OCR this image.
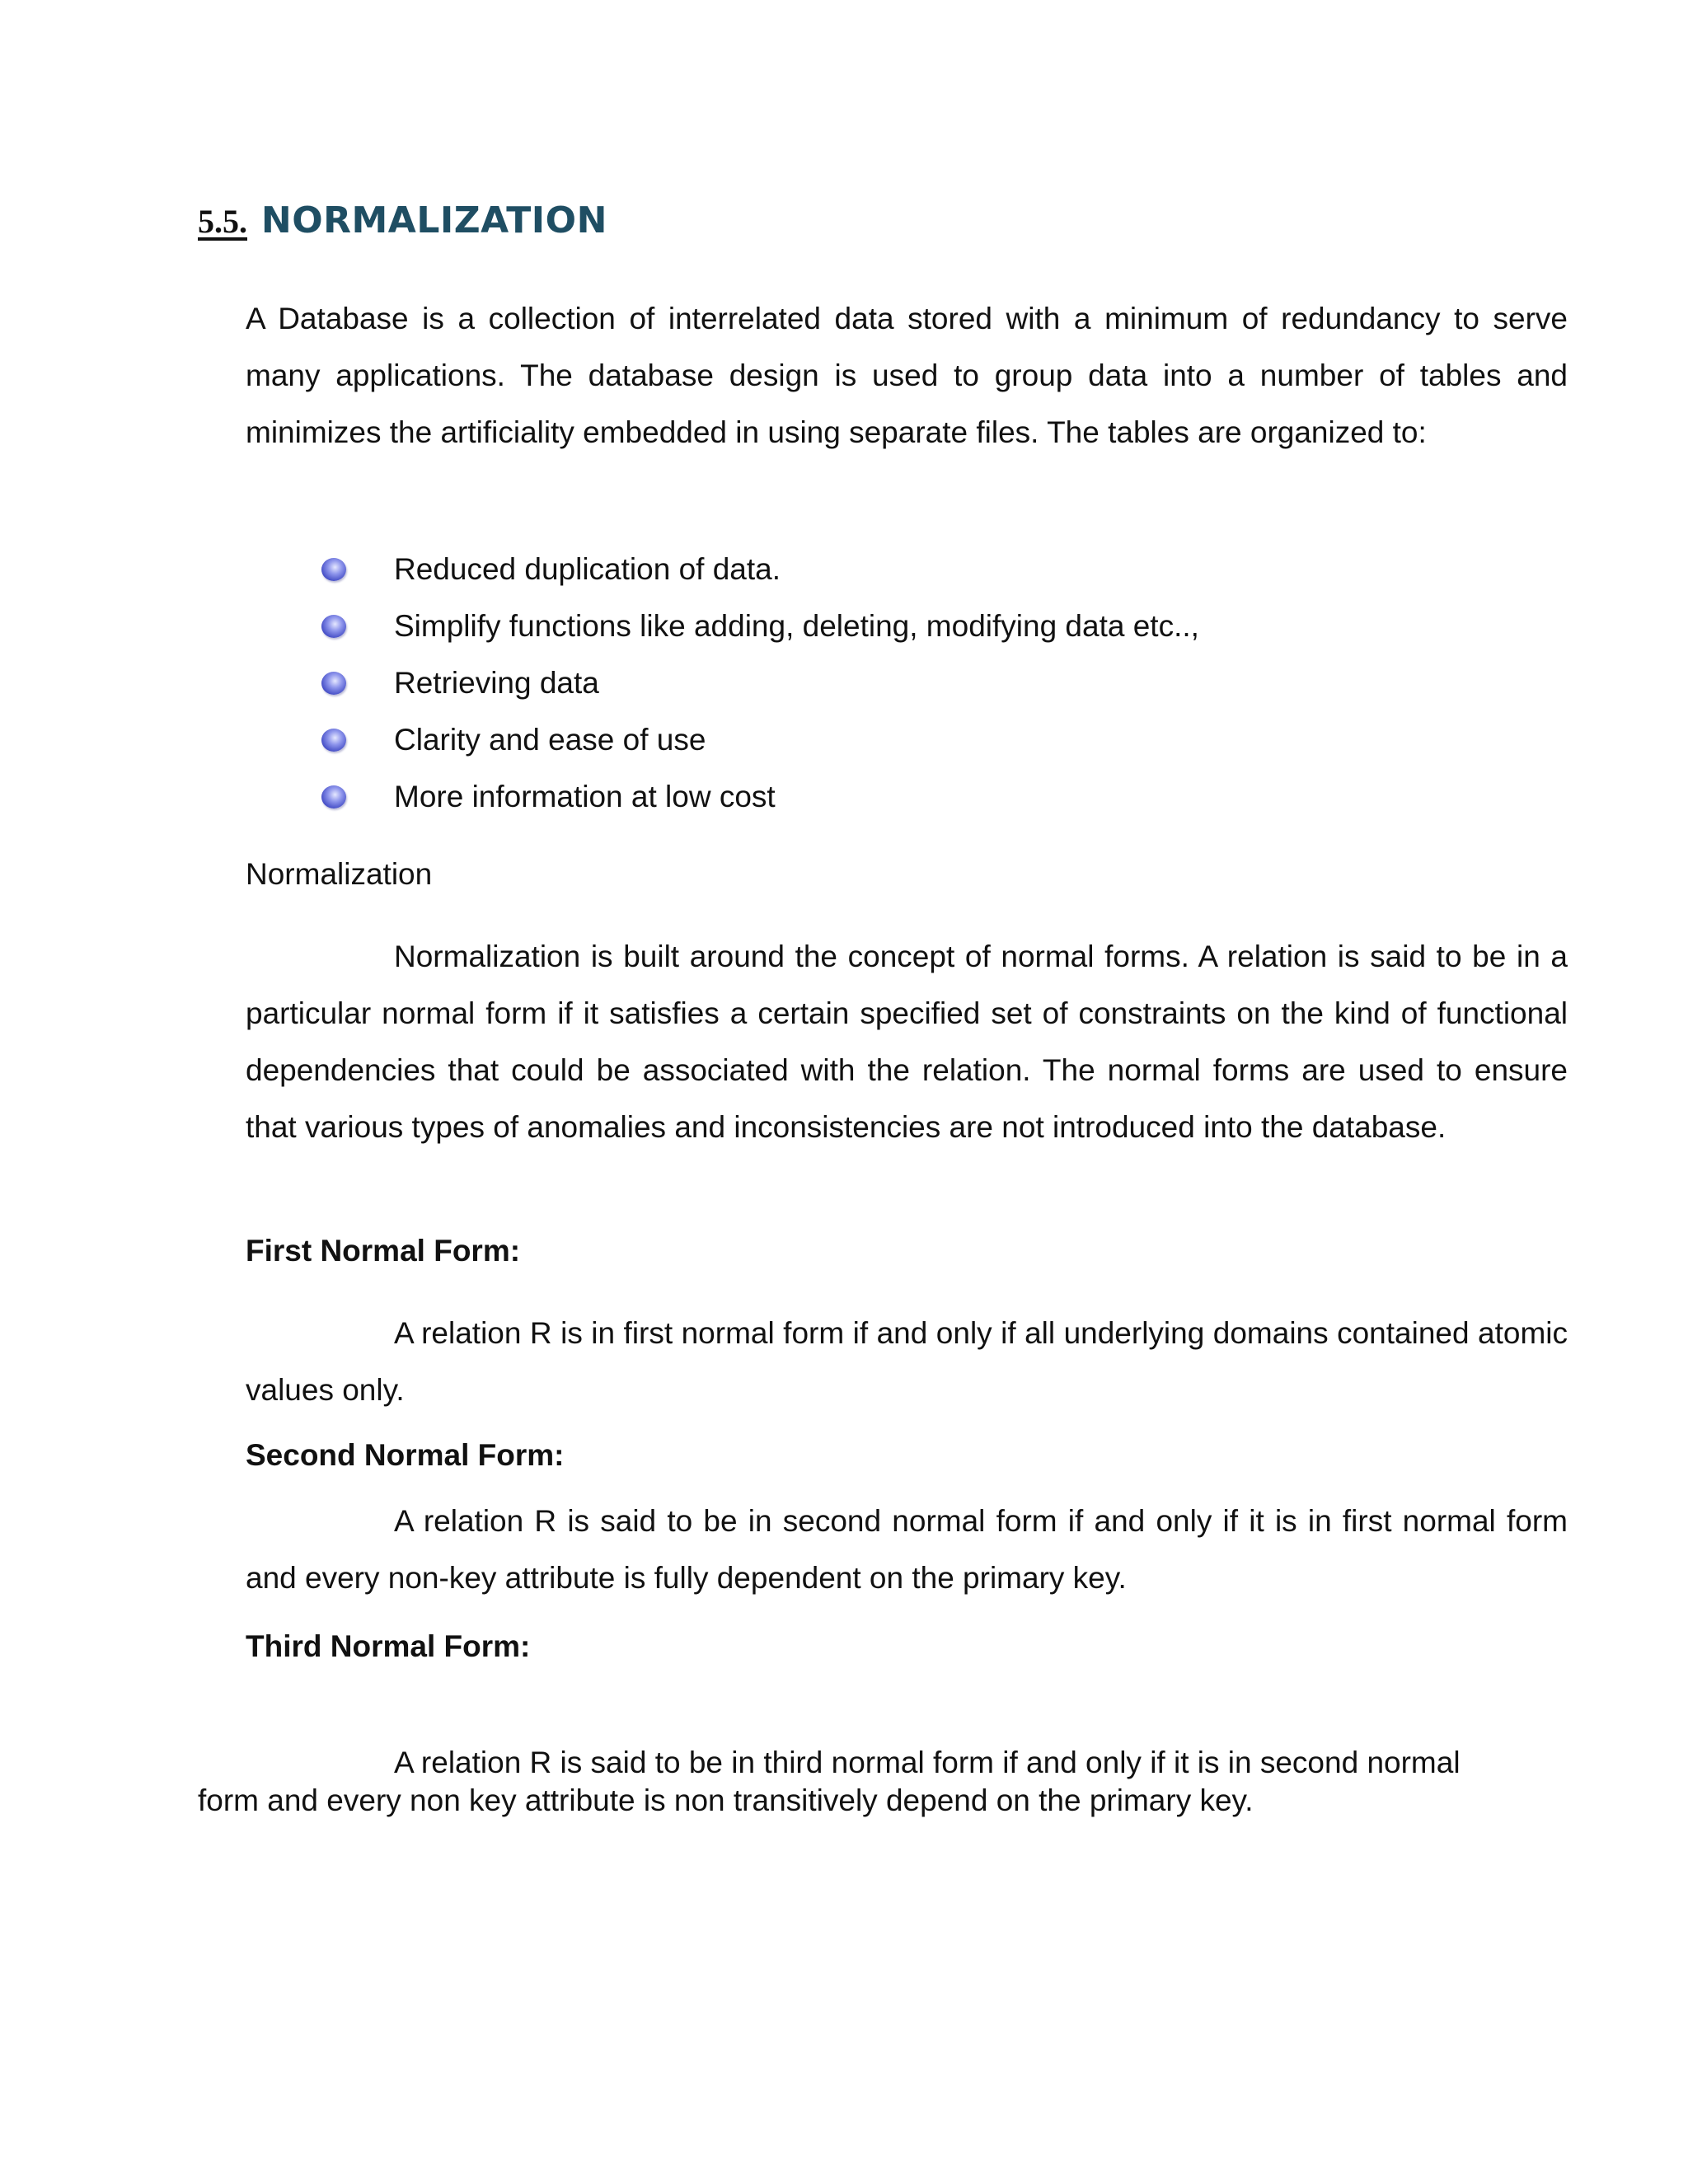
5.5. NORMALIZATION

A Database is a collection of interrelated data stored with a minimum of redundancy to serve many applications. The database design is used to group data into a number of tables and minimizes the artificiality embedded in using separate files. The tables are organized to:

Reduced duplication of data.
Simplify functions like adding, deleting, modifying data etc..,
Retrieving data
Clarity and ease of use
More information at low cost

Normalization

Normalization is built around the concept of normal forms. A relation is said to be in a particular normal form if it satisfies a certain specified set of constraints on the kind of functional dependencies that could be associated with the relation. The normal forms are used to ensure that various types of anomalies and inconsistencies are not introduced into the database.

First Normal Form:

A relation R is in first normal form if and only if all underlying domains contained atomic values only.

Second Normal Form:

A relation R is said to be in second normal form if and only if it is in first normal form and every non-key attribute is fully dependent on the primary key.

Third Normal Form:

A relation R is said to be in third normal form if and only if it is in second normal
form and every non key attribute is non transitively depend on the primary key.
